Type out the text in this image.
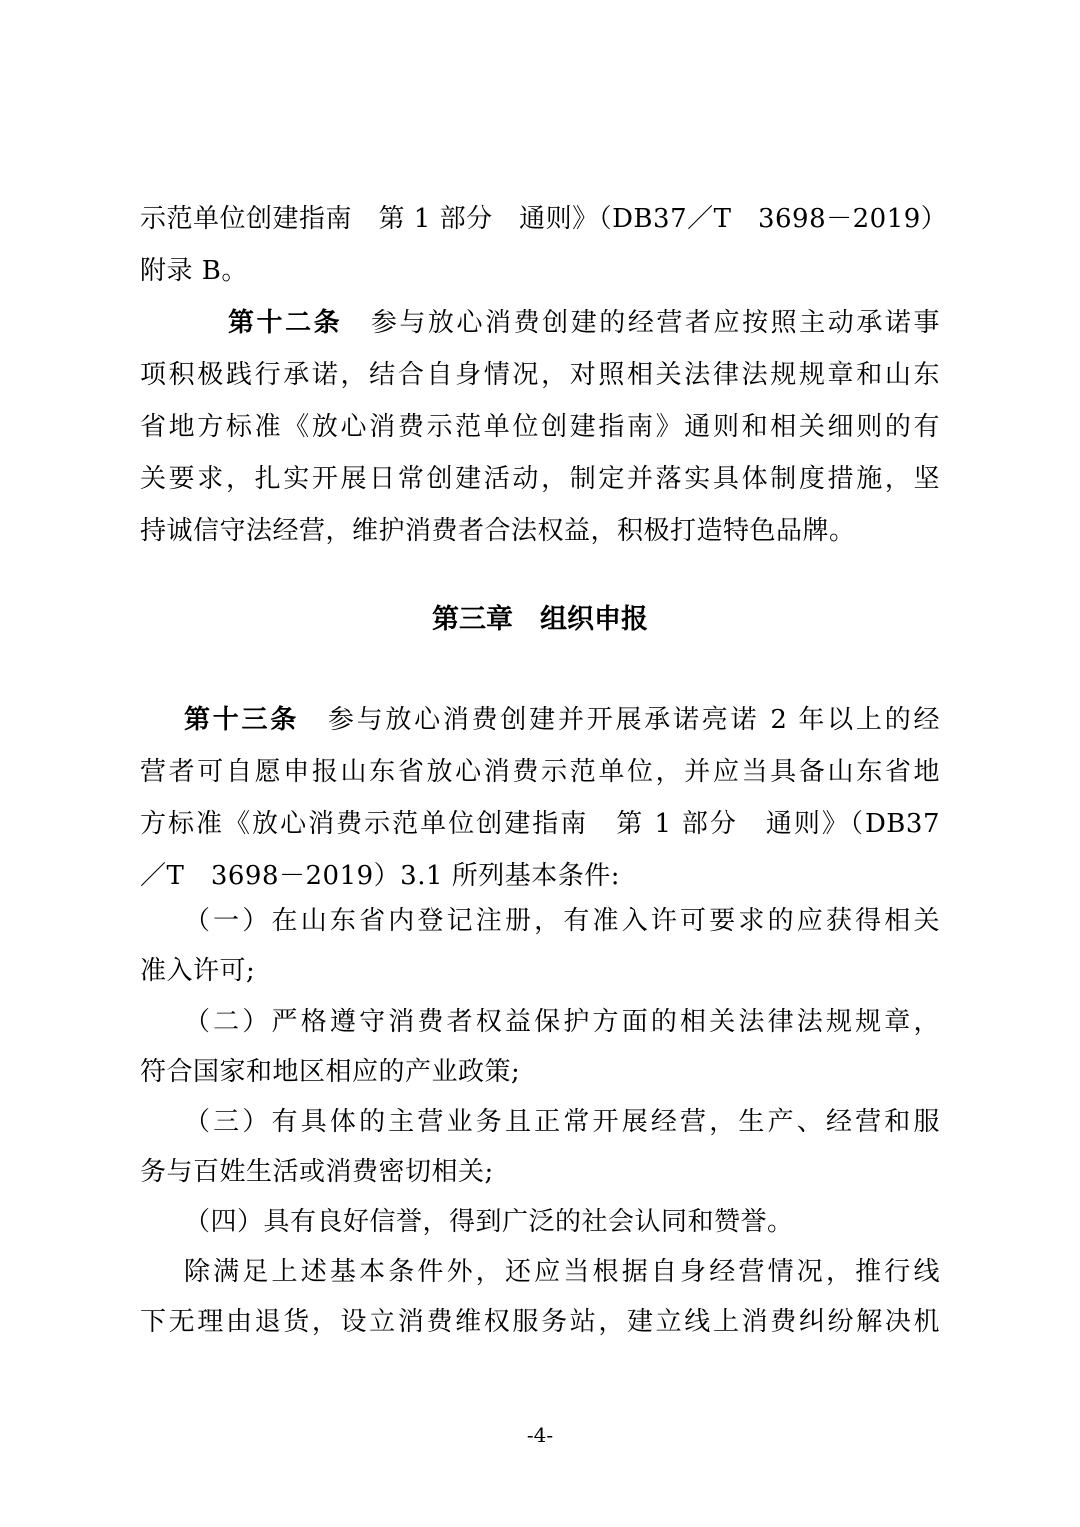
示范单位创建指南　第 1 部分　通则》（DB37／T　3698－2019）
附录 B。
第十二条　 参与放心消费创建的经营者应按照主动承诺事
项积极践行承诺，结合自身情况，对照相关法律法规规章和山东
省地方标准《放心消费示范单位创建指南》通则和相关细则的有
关要求，扎实开展日常创建活动，制定并落实具体制度措施，坚
持诚信守法经营，维护消费者合法权益，积极打造特色品牌。
第三章　组织申报
第十三条　 参与放心消费创建并开展承诺亮诺 2 年以上的经
营者可自愿申报山东省放心消费示范单位，并应当具备山东省地
方标准《放心消费示范单位创建指南　第 1 部分　通则》（DB37
／T　3698－2019）3.1 所列基本条件:
（一）在山东省内登记注册，有准入许可要求的应获得相关
准入许可;
（二）严格遵守消费者权益保护方面的相关法律法规规章，
符合国家和地区相应的产业政策;
（三）有具体的主营业务且正常开展经营，生产、经营和服
务与百姓生活或消费密切相关;
（四）具有良好信誉，得到广泛的社会认同和赞誉。
除满足上述基本条件外，还应当根据自身经营情况，推行线
下无理由退货，设立消费维权服务站，建立线上消费纠纷解决机
-4-
